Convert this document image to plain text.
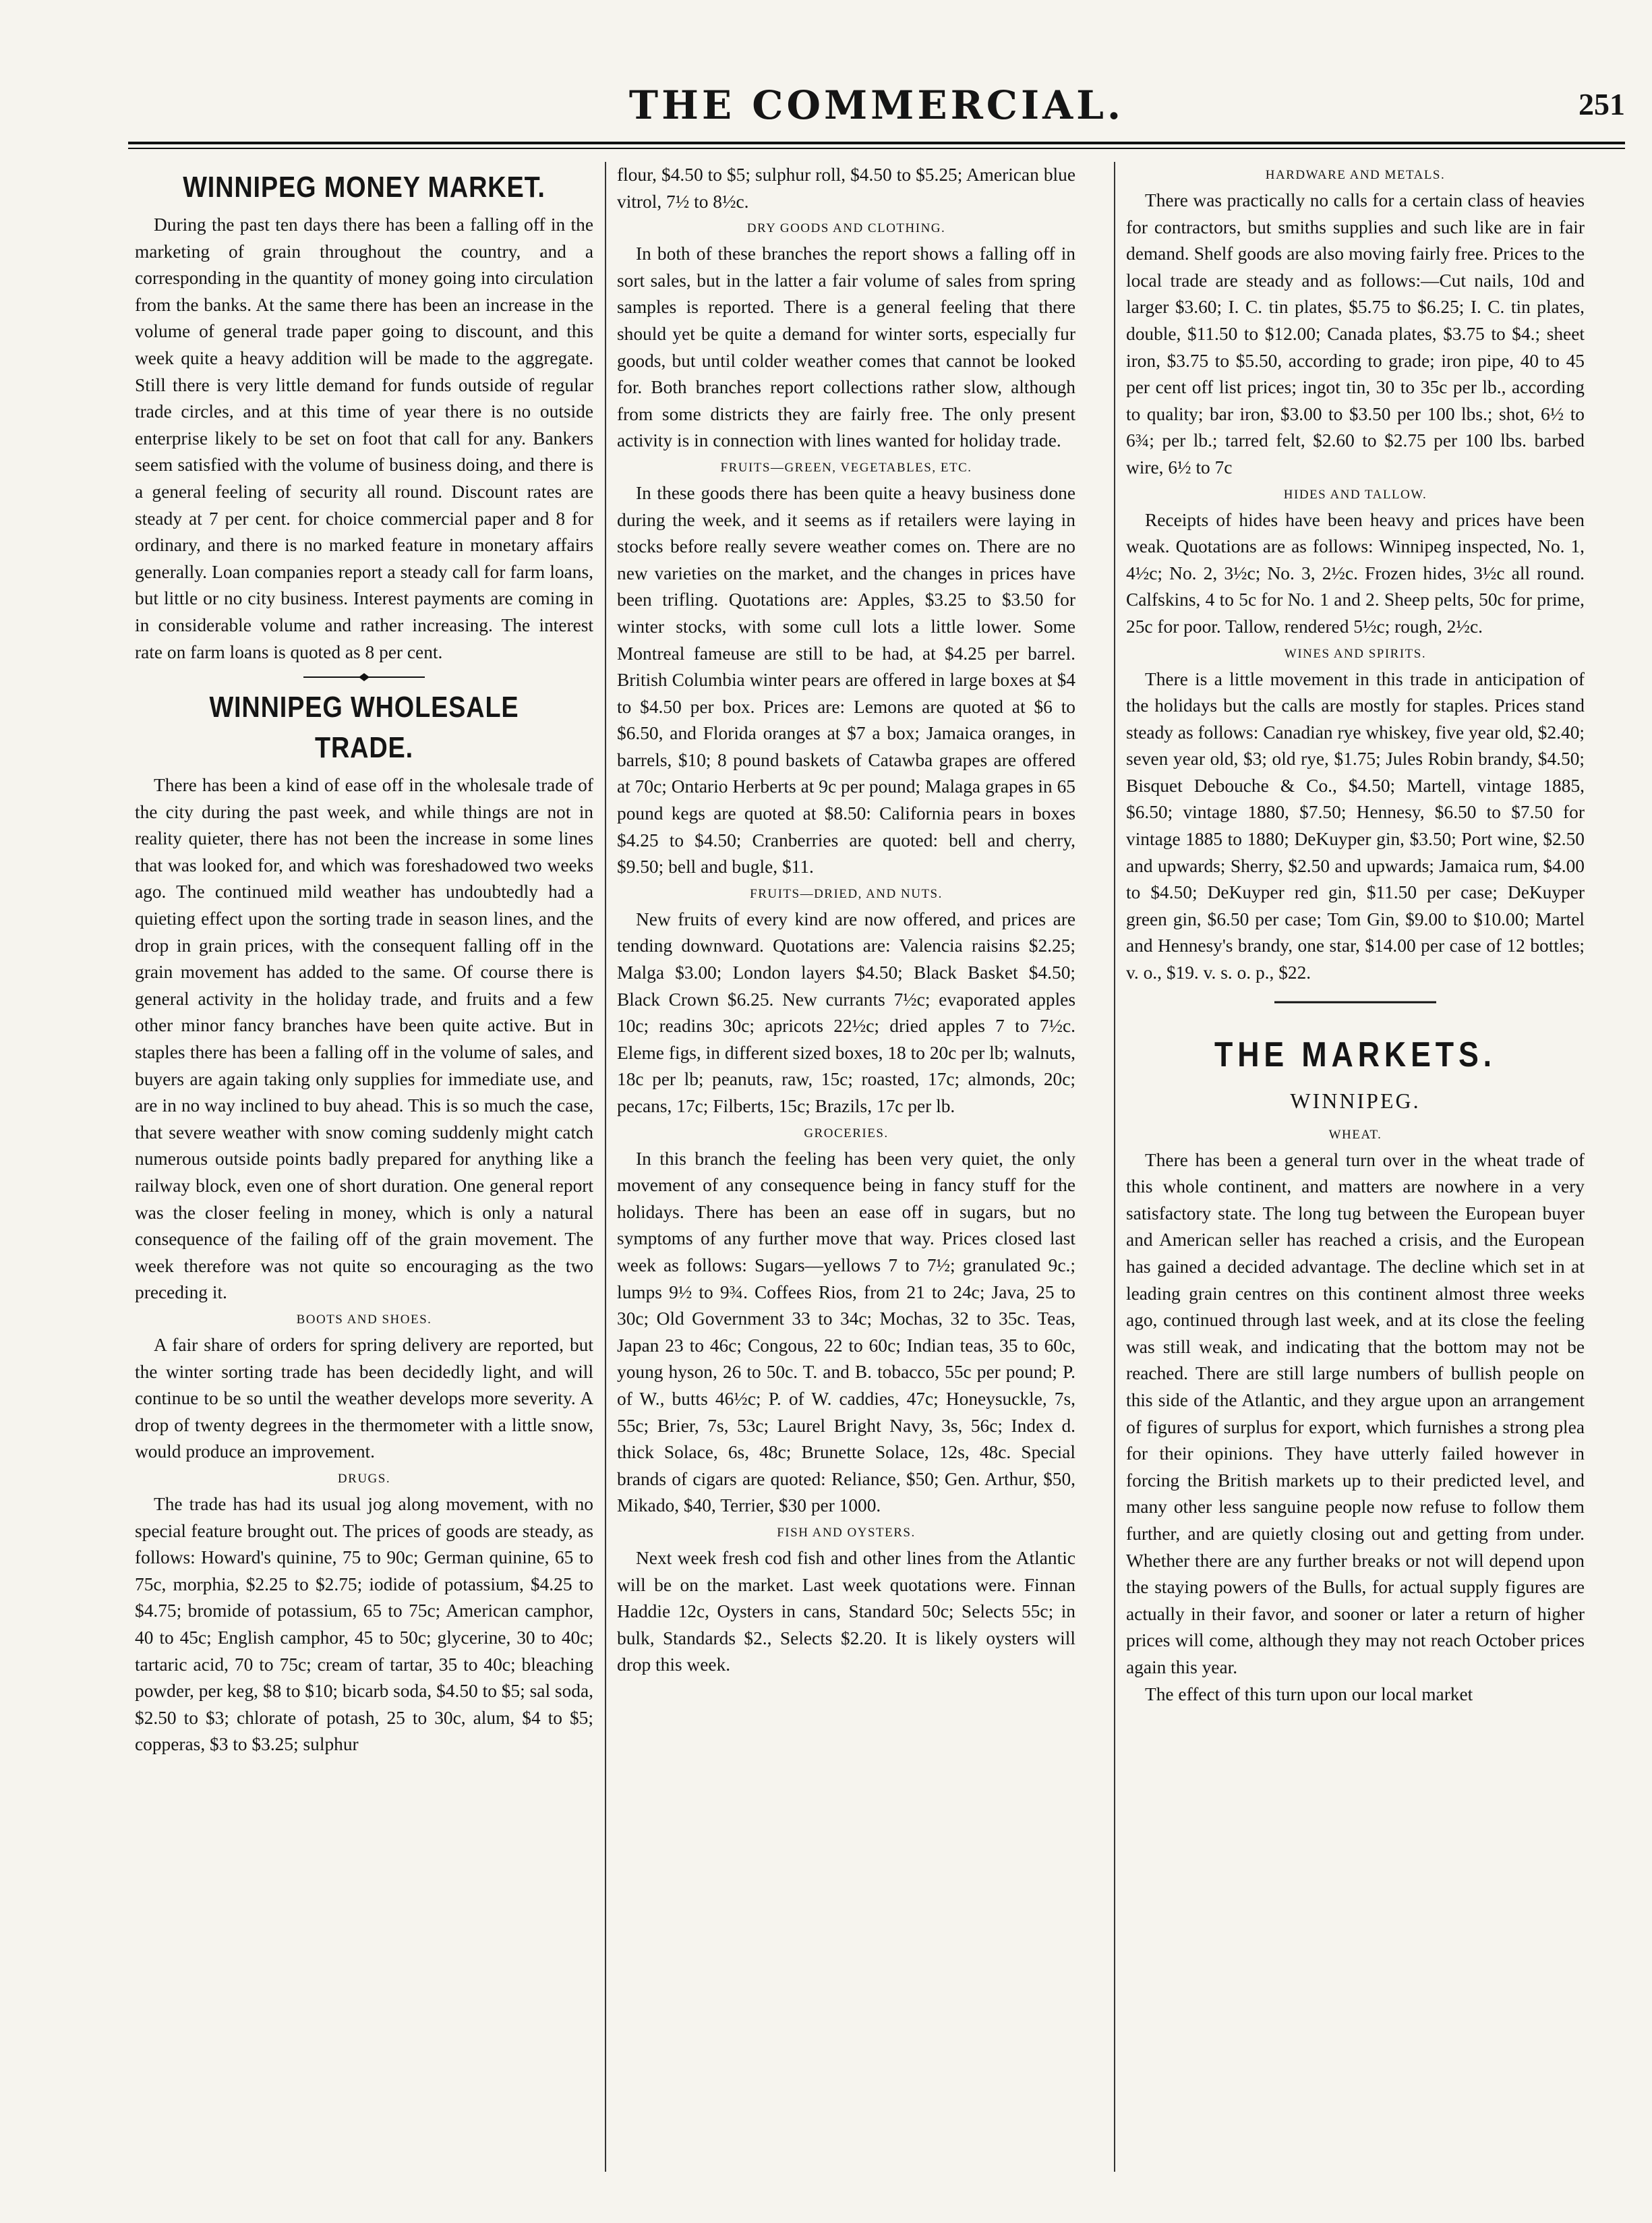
THE COMMERCIAL.	251
WINNIPEG MONEY MARKET.

During the past ten days there has been a falling off in the marketing of grain throughout the country, and a corresponding in the quantity of money going into circulation from the banks. At the same there has been an increase in the volume of general trade paper going to discount, and this week quite a heavy addition will be made to the aggregate. Still there is very little demand for funds outside of regular trade circles, and at this time of year there is no outside enterprise likely to be set on foot that call for any. Bankers seem satisfied with the volume of business doing, and there is a general feeling of security all round. Discount rates are steady at 7 per cent. for choice commercial paper and 8 for ordinary, and there is no marked feature in monetary affairs generally. Loan companies report a steady call for farm loans, but little or no city business. Interest payments are coming in in considerable volume and rather increasing. The interest rate on farm loans is quoted as 8 per cent.

WINNIPEG WHOLESALE TRADE.

There has been a kind of ease off in the wholesale trade of the city during the past week, and while things are not in reality quieter, there has not been the increase in some lines that was looked for, and which was foreshadowed two weeks ago. The continued mild weather has undoubtedly had a quieting effect upon the sorting trade in season lines, and the drop in grain prices, with the consequent falling off in the grain movement has added to the same. Of course there is general activity in the holiday trade, and fruits and a few other minor fancy branches have been quite active. But in staples there has been a falling off in the volume of sales, and buyers are again taking only supplies for immediate use, and are in no way inclined to buy ahead. This is so much the case, that severe weather with snow coming suddenly might catch numerous outside points badly prepared for anything like a railway block, even one of short duration. One general report was the closer feeling in money, which is only a natural consequence of the failing off of the grain movement. The week therefore was not quite so encouraging as the two preceding it.

BOOTS AND SHOES.

A fair share of orders for spring delivery are reported, but the winter sorting trade has been decidedly light, and will continue to be so until the weather develops more severity. A drop of twenty degrees in the thermometer with a little snow, would produce an improvement.

DRUGS.

The trade has had its usual jog along movement, with no special feature brought out. The prices of goods are steady, as follows: Howard's quinine, 75 to 90c; German quinine, 65 to 75c, morphia, $2.25 to $2.75; iodide of potassium, $4.25 to $4.75; bromide of potassium, 65 to 75c; American camphor, 40 to 45c; English camphor, 45 to 50c; glycerine, 30 to 40c; tartaric acid, 70 to 75c; cream of tartar, 35 to 40c; bleaching powder, per keg, $8 to $10; bicarb soda, $4.50 to $5; sal soda, $2.50 to $3; chlorate of potash, 25 to 30c, alum, $4 to $5; copperas, $3 to $3.25; sulphur

flour, $4.50 to $5; sulphur roll, $4.50 to $5.25; American blue vitrol, 7½ to 8½c.

DRY GOODS AND CLOTHING.

In both of these branches the report shows a falling off in sort sales, but in the latter a fair volume of sales from spring samples is reported. There is a general feeling that there should yet be quite a demand for winter sorts, especially fur goods, but until colder weather comes that cannot be looked for. Both branches report collections rather slow, although from some districts they are fairly free. The only present activity is in connection with lines wanted for holiday trade.

FRUITS—GREEN, VEGETABLES, ETC.

In these goods there has been quite a heavy business done during the week, and it seems as if retailers were laying in stocks before really severe weather comes on. There are no new varieties on the market, and the changes in prices have been trifling. Quotations are: Apples, $3.25 to $3.50 for winter stocks, with some cull lots a little lower. Some Montreal fameuse are still to be had, at $4.25 per barrel. British Columbia winter pears are offered in large boxes at $4 to $4.50 per box. Prices are: Lemons are quoted at $6 to $6.50, and Florida oranges at $7 a box; Jamaica oranges, in barrels, $10; 8 pound baskets of Catawba grapes are offered at 70c; Ontario Herberts at 9c per pound; Malaga grapes in 65 pound kegs are quoted at $8.50: California pears in boxes $4.25 to $4.50; Cranberries are quoted: bell and cherry, $9.50; bell and bugle, $11.

FRUITS—DRIED, AND NUTS.

New fruits of every kind are now offered, and prices are tending downward. Quotations are: Valencia raisins $2.25; Malga $3.00; London layers $4.50; Black Basket $4.50; Black Crown $6.25. New currants 7½c; evaporated apples 10c; readins 30c; apricots 22½c; dried apples 7 to 7½c. Eleme figs, in different sized boxes, 18 to 20c per lb; walnuts, 18c per lb; peanuts, raw, 15c; roasted, 17c; almonds, 20c; pecans, 17c; Filberts, 15c; Brazils, 17c per lb.

GROCERIES.

In this branch the feeling has been very quiet, the only movement of any consequence being in fancy stuff for the holidays. There has been an ease off in sugars, but no symptoms of any further move that way. Prices closed last week as follows: Sugars—yellows 7 to 7½; granulated 9c.; lumps 9½ to 9¾. Coffees Rios, from 21 to 24c; Java, 25 to 30c; Old Government 33 to 34c; Mochas, 32 to 35c. Teas, Japan 23 to 46c; Congous, 22 to 60c; Indian teas, 35 to 60c, young hyson, 26 to 50c. T. and B. tobacco, 55c per pound; P. of W., butts 46½c; P. of W. caddies, 47c; Honeysuckle, 7s, 55c; Brier, 7s, 53c; Laurel Bright Navy, 3s, 56c; Index d. thick Solace, 6s, 48c; Brunette Solace, 12s, 48c. Special brands of cigars are quoted: Reliance, $50; Gen. Arthur, $50, Mikado, $40, Terrier, $30 per 1000.

FISH AND OYSTERS.

Next week fresh cod fish and other lines from the Atlantic will be on the market. Last week quotations were. Finnan Haddie 12c, Oysters in cans, Standard 50c; Selects 55c; in bulk, Standards $2., Selects $2.20. It is likely oysters will drop this week.

HARDWARE AND METALS.

There was practically no calls for a certain class of heavies for contractors, but smiths supplies and such like are in fair demand. Shelf goods are also moving fairly free. Prices to the local trade are steady and as follows:—Cut nails, 10d and larger $3.60; I. C. tin plates, $5.75 to $6.25; I. C. tin plates, double, $11.50 to $12.00; Canada plates, $3.75 to $4.; sheet iron, $3.75 to $5.50, according to grade; iron pipe, 40 to 45 per cent off list prices; ingot tin, 30 to 35c per lb., according to quality; bar iron, $3.00 to $3.50 per 100 lbs.; shot, 6½ to 6¾; per lb.; tarred felt, $2.60 to $2.75 per 100 lbs. barbed wire, 6½ to 7c

HIDES AND TALLOW.

Receipts of hides have been heavy and prices have been weak. Quotations are as follows: Winnipeg inspected, No. 1, 4½c; No. 2, 3½c; No. 3, 2½c. Frozen hides, 3½c all round. Calfskins, 4 to 5c for No. 1 and 2. Sheep pelts, 50c for prime, 25c for poor. Tallow, rendered 5½c; rough, 2½c.

WINES AND SPIRITS.

There is a little movement in this trade in anticipation of the holidays but the calls are mostly for staples. Prices stand steady as follows: Canadian rye whiskey, five year old, $2.40; seven year old, $3; old rye, $1.75; Jules Robin brandy, $4.50; Bisquet Debouche & Co., $4.50; Martell, vintage 1885, $6.50; vintage 1880, $7.50; Hennesy, $6.50 to $7.50 for vintage 1885 to 1880; DeKuyper gin, $3.50; Port wine, $2.50 and upwards; Sherry, $2.50 and upwards; Jamaica rum, $4.00 to $4.50; DeKuyper red gin, $11.50 per case; DeKuyper green gin, $6.50 per case; Tom Gin, $9.00 to $10.00; Martel and Hennesy's brandy, one star, $14.00 per case of 12 bottles; v. o., $19. v. s. o. p., $22.

THE MARKETS.
WINNIPEG.
WHEAT.

There has been a general turn over in the wheat trade of this whole continent, and matters are nowhere in a very satisfactory state. The long tug between the European buyer and American seller has reached a crisis, and the European has gained a decided advantage. The decline which set in at leading grain centres on this continent almost three weeks ago, continued through last week, and at its close the feeling was still weak, and indicating that the bottom may not be reached. There are still large numbers of bullish people on this side of the Atlantic, and they argue upon an arrangement of figures of surplus for export, which furnishes a strong plea for their opinions. They have utterly failed however in forcing the British markets up to their predicted level, and many other less sanguine people now refuse to follow them further, and are quietly closing out and getting from under. Whether there are any further breaks or not will depend upon the staying powers of the Bulls, for actual supply figures are actually in their favor, and sooner or later a return of higher prices will come, although they may not reach October prices again this year.

The effect of this turn upon our local market
